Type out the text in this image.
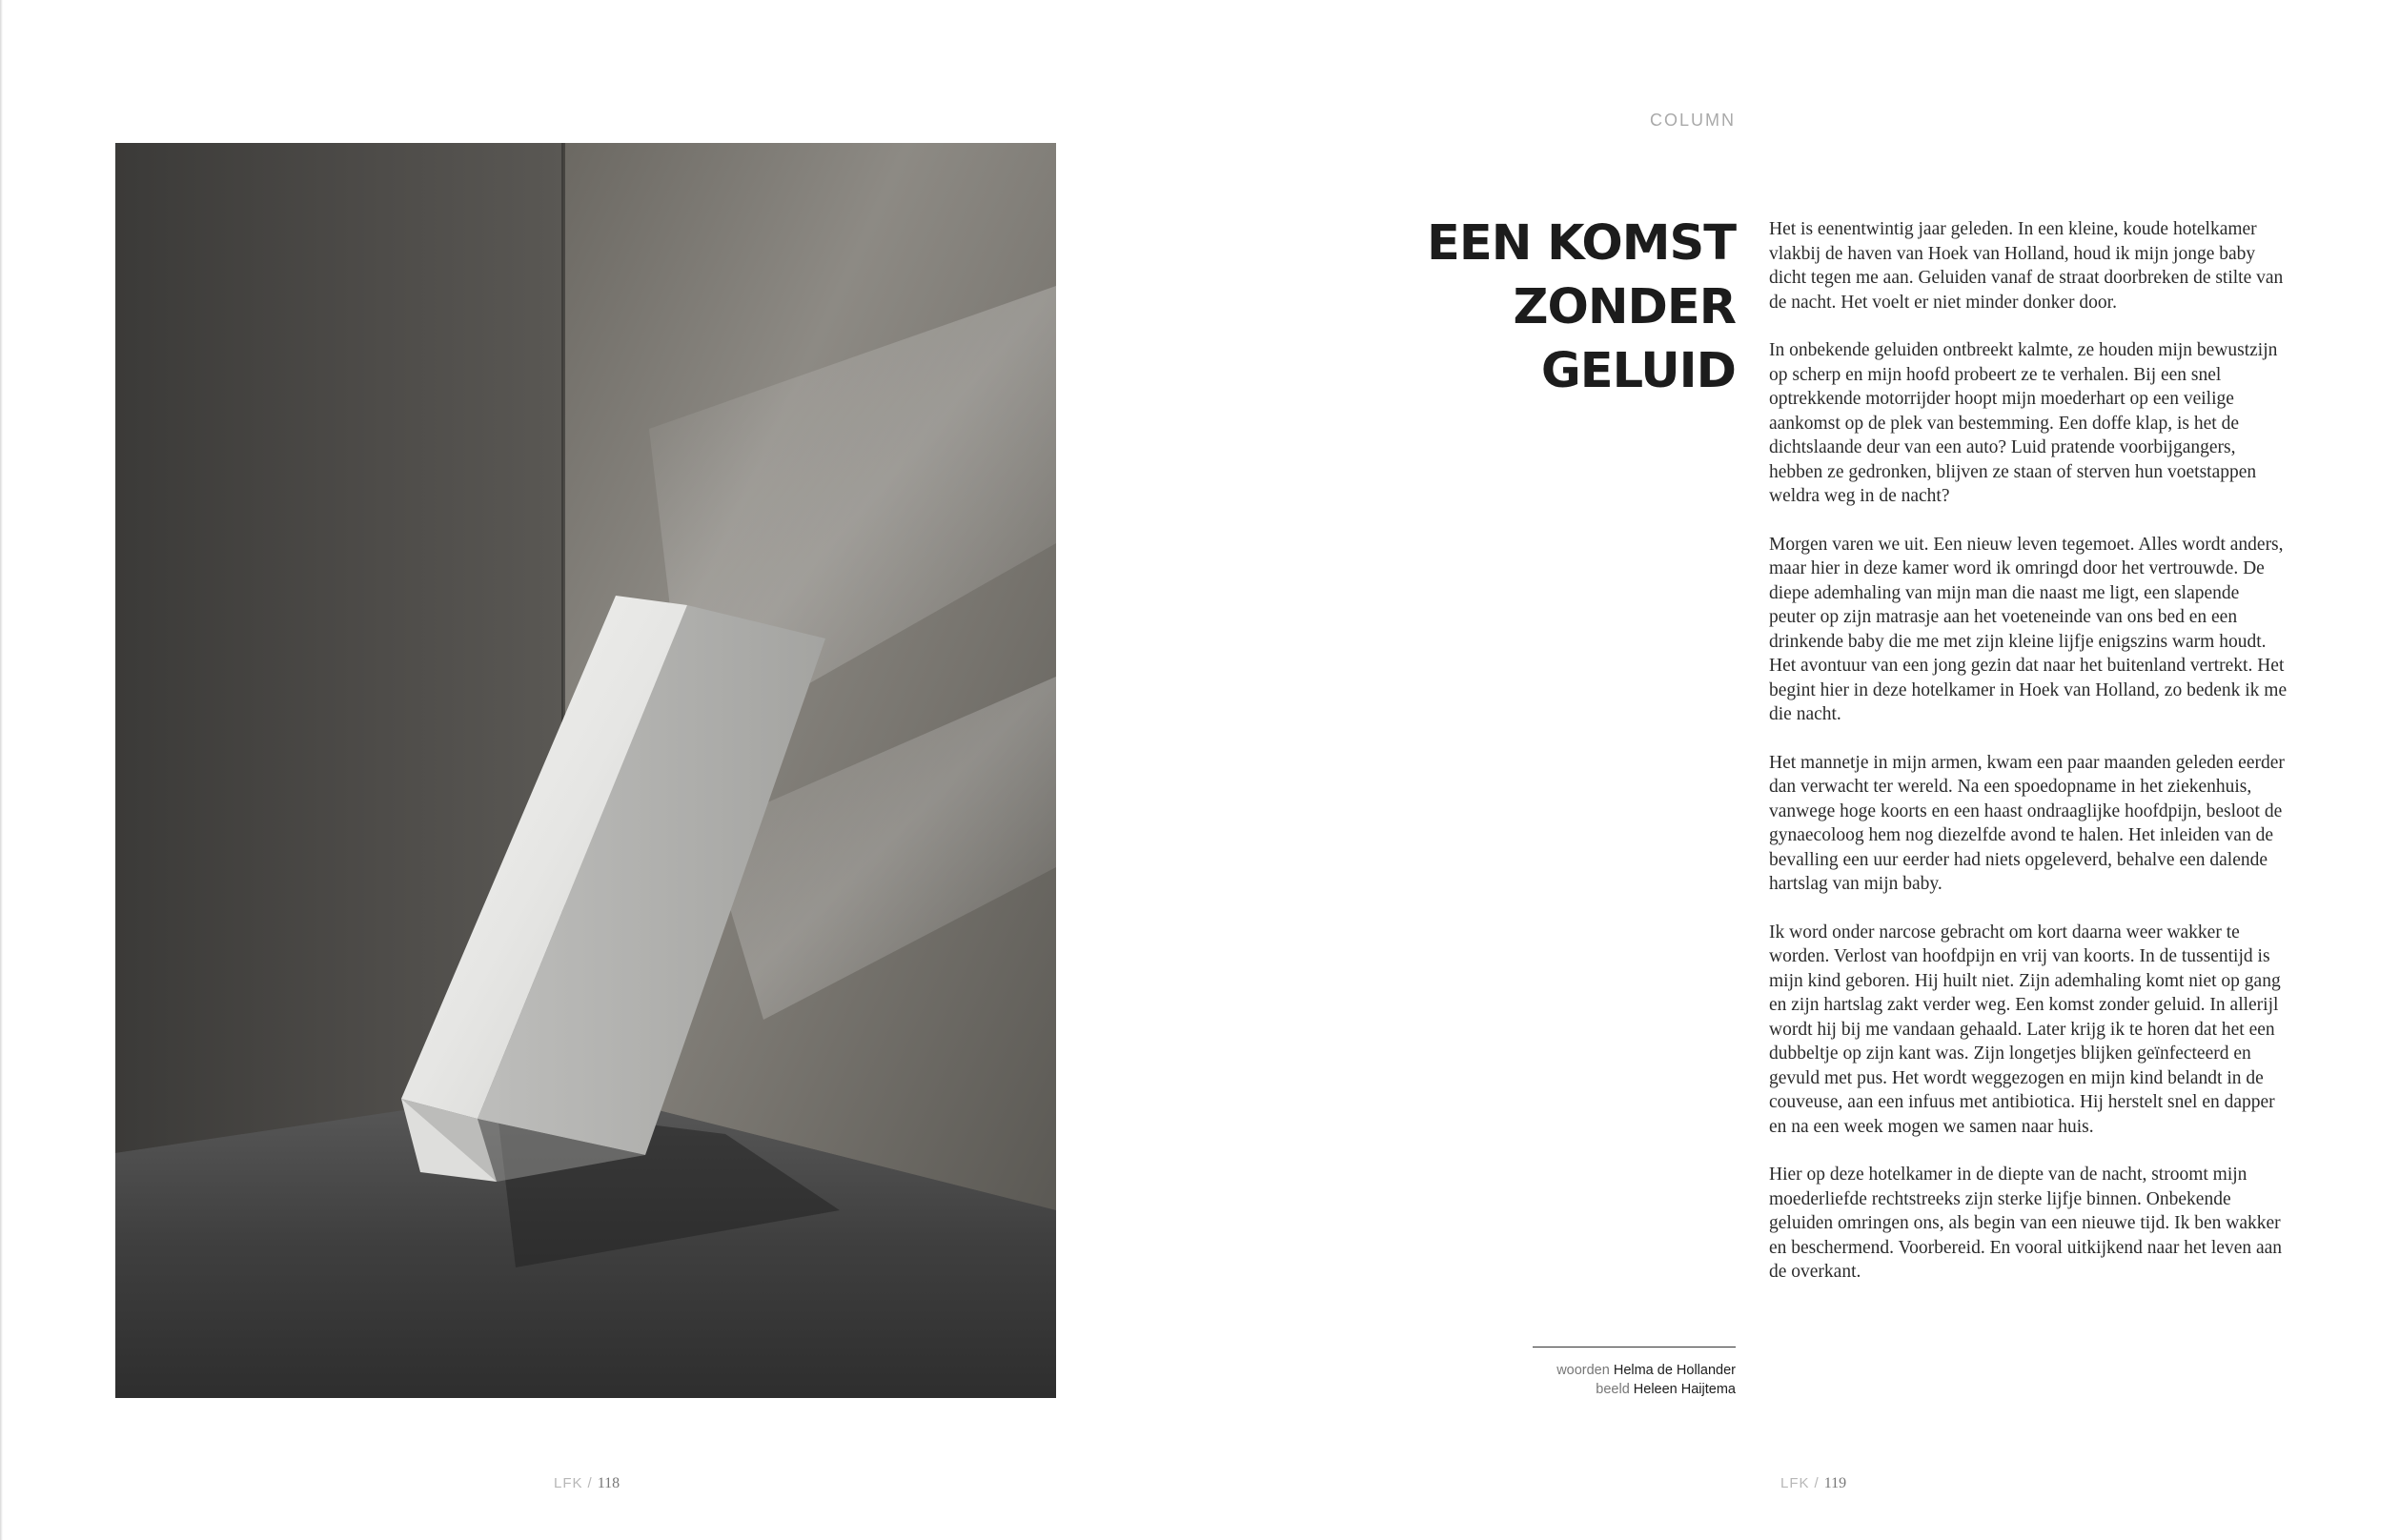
LFK / 118
COLUMN
EEN KOMST
ZONDER
GELUID

Het is eenentwintig jaar geleden. In een kleine, koude hotelkamer vlakbij de haven van Hoek van Holland, houd ik mijn jonge baby dicht tegen me aan. Geluiden vanaf de straat doorbreken de stilte van de nacht. Het voelt er niet minder donker door.

In onbekende geluiden ontbreekt kalmte, ze houden mijn bewustzijn op scherp en mijn hoofd probeert ze te verhalen. Bij een snel optrekkende motorrijder hoopt mijn moederhart op een veilige aankomst op de plek van bestemming. Een doffe klap, is het de dichtslaande deur van een auto? Luid pratende voorbijgangers, hebben ze gedronken, blijven ze staan of sterven hun voetstappen weldra weg in de nacht?

Morgen varen we uit. Een nieuw leven tegemoet. Alles wordt anders, maar hier in deze kamer word ik omringd door het vertrouwde. De diepe ademhaling van mijn man die naast me ligt, een slapende peuter op zijn matrasje aan het voeteneinde van ons bed en een drinkende baby die me met zijn kleine lijfje enigszins warm houdt. Het avontuur van een jong gezin dat naar het buitenland vertrekt. Het begint hier in deze hotelkamer in Hoek van Holland, zo bedenk ik me die nacht.

Het mannetje in mijn armen, kwam een paar maanden geleden eerder dan verwacht ter wereld. Na een spoedopname in het ziekenhuis, vanwege hoge koorts en een haast ondraaglijke hoofdpijn, besloot de gynaecoloog hem nog diezelfde avond te halen. Het inleiden van de bevalling een uur eerder had niets opgeleverd, behalve een dalende hartslag van mijn baby.

Ik word onder narcose gebracht om kort daarna weer wakker te worden. Verlost van hoofdpijn en vrij van koorts. In de tussentijd is mijn kind geboren. Hij huilt niet. Zijn ademhaling komt niet op gang en zijn hartslag zakt verder weg. Een komst zonder geluid. In allerijl wordt hij bij me vandaan gehaald. Later krijg ik te horen dat het een dubbeltje op zijn kant was. Zijn longetjes blijken geïnfecteerd en gevuld met pus. Het wordt weggezogen en mijn kind belandt in de couveuse, aan een infuus met antibiotica. Hij herstelt snel en dapper en na een week mogen we samen naar huis.

Hier op deze hotelkamer in de diepte van de nacht, stroomt mijn moederliefde rechtstreeks zijn sterke lijfje binnen. Onbekende geluiden omringen ons, als begin van een nieuwe tijd. Ik ben wakker en beschermend. Voorbereid. En vooral uitkijkend naar het leven aan de overkant.

woorden Helma de Hollander
beeld Heleen Haijtema
LFK / 119
